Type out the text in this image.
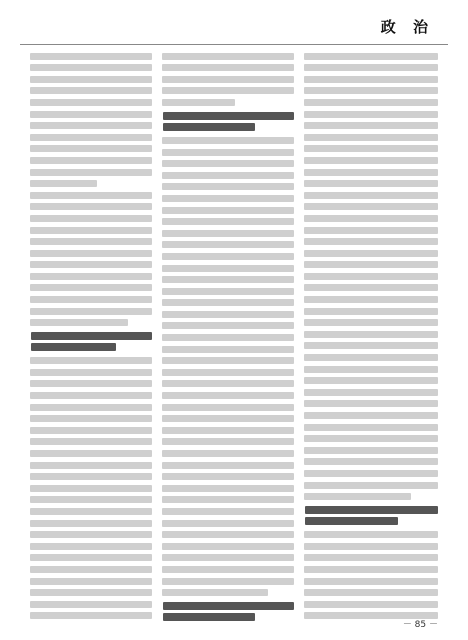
政 治
－ 85 －
